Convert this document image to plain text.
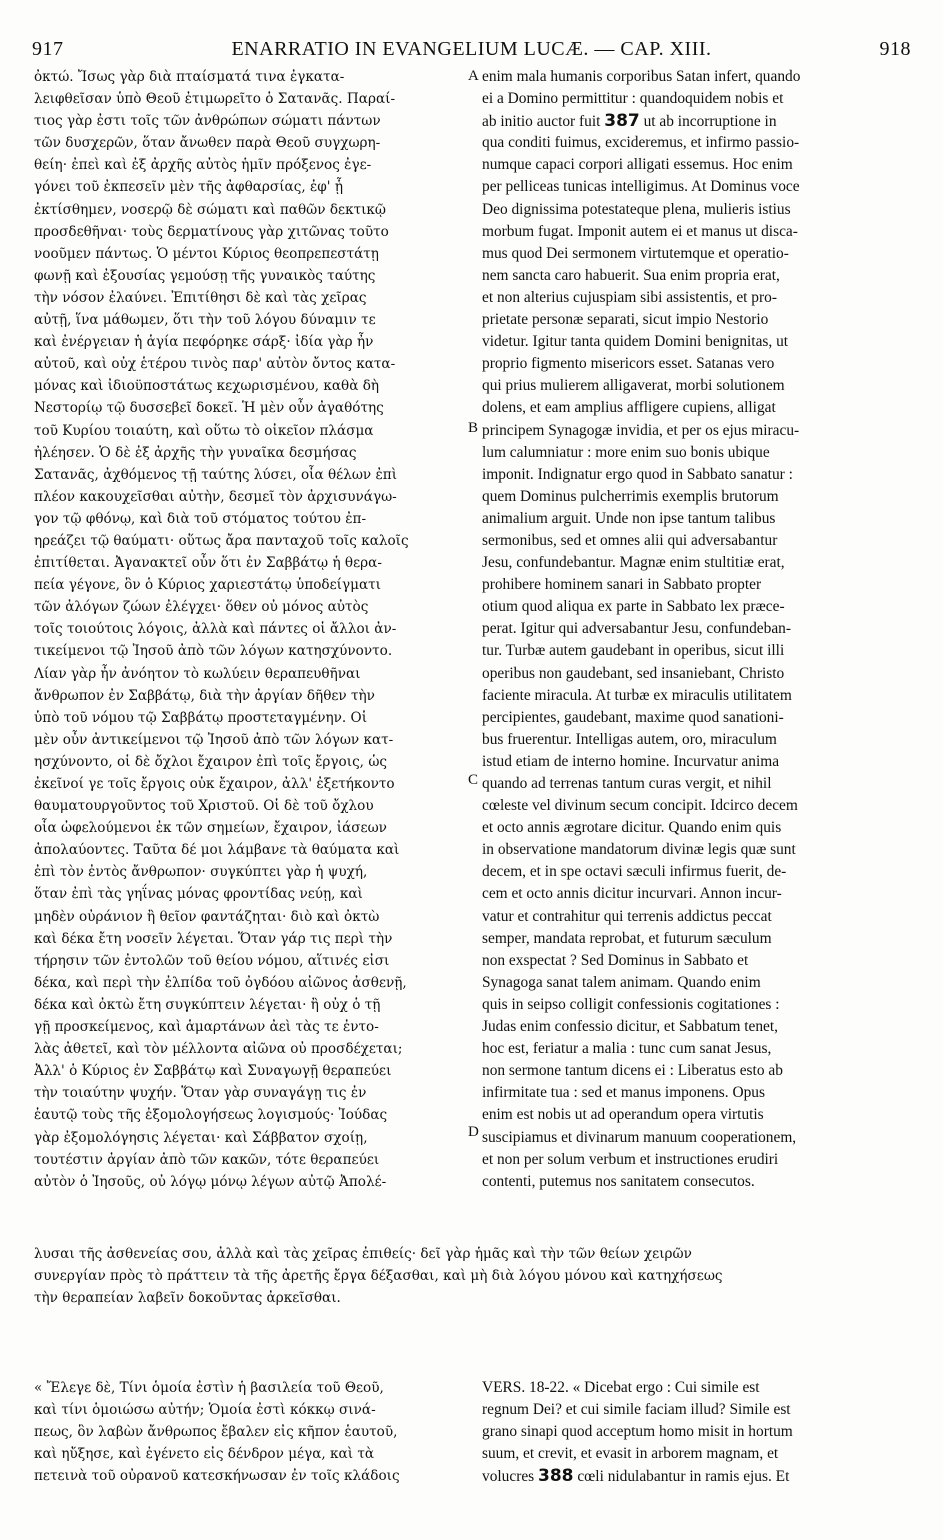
917	ENARRATIO IN EVANGELIUM LUCÆ. — CAP. XIII.	918
ὀκτώ. Ἴσως γὰρ διὰ πταίσματά τινα ἐγκατα-
λειφθεῖσαν ὑπὸ Θεοῦ ἐτιμωρεῖτο ὁ Σατανᾶς. Παραί-
τιος γὰρ ἐστι τοῖς τῶν ἀνθρώπων σώματι πάντων
τῶν δυσχερῶν, ὅταν ἄνωθεν παρὰ Θεοῦ συγχωρη-
θείη· ἐπεὶ καὶ ἐξ ἀρχῆς αὐτὸς ἡμῖν πρόξενος ἐγε-
γόνει τοῦ ἐκπεσεῖν μὲν τῆς ἀφθαρσίας, ἐφ' ᾗ
ἐκτίσθημεν, νοσερῷ δὲ σώματι καὶ παθῶν δεκτικῷ
προσδεθῆναι· τοὺς δερματίνους γὰρ χιτῶνας τοῦτο
νοοῦμεν πάντως. Ὁ μέντοι Κύριος θεοπρεπεστάτῃ
φωνῇ καὶ ἐξουσίας γεμούσῃ τῆς γυναικὸς ταύτης
τὴν νόσον ἐλαύνει. Ἐπιτίθησι δὲ καὶ τὰς χεῖρας
αὐτῇ, ἵνα μάθωμεν, ὅτι τὴν τοῦ λόγου δύναμιν τε
καὶ ἐνέργειαν ἡ ἁγία πεφόρηκε σάρξ· ἰδία γὰρ ἦν
αὐτοῦ, καὶ οὐχ ἑτέρου τινὸς παρ' αὐτὸν ὄντος κατα-
μόνας καὶ ἰδιοϋποστάτως κεχωρισμένου, καθὰ δὴ
Νεστορίῳ τῷ δυσσεβεῖ δοκεῖ. Ἡ μὲν οὖν ἀγαθότης
τοῦ Κυρίου τοιαύτη, καὶ οὕτω τὸ οἰκεῖον πλάσμα
ἠλέησεν. Ὁ δὲ ἐξ ἀρχῆς τὴν γυναῖκα δεσμήσας
Σατανᾶς, ἀχθόμενος τῇ ταύτης λύσει, οἷα θέλων ἐπὶ
πλέον κακουχεῖσθαι αὐτὴν, δεσμεῖ τὸν ἀρχισυνάγω-
γον τῷ φθόνῳ, καὶ διὰ τοῦ στόματος τούτου ἐπ-
ηρεάζει τῷ θαύματι· οὕτως ἄρα πανταχοῦ τοῖς καλοῖς
ἐπιτίθεται. Ἀγανακτεῖ οὖν ὅτι ἐν Σαββάτῳ ἡ θερα-
πεία γέγονε, ὃν ὁ Κύριος χαριεστάτῳ ὑποδείγματι
τῶν ἀλόγων ζώων ἐλέγχει· ὅθεν οὐ μόνος αὐτὸς
τοῖς τοιούτοις λόγοις, ἀλλὰ καὶ πάντες οἱ ἄλλοι ἀν-
τικείμενοι τῷ Ἰησοῦ ἀπὸ τῶν λόγων κατησχύνοντο.
Λίαν γὰρ ἦν ἀνόητον τὸ κωλύειν θεραπευθῆναι
ἄνθρωπον ἐν Σαββάτῳ, διὰ τὴν ἀργίαν δῆθεν τὴν
ὑπὸ τοῦ νόμου τῷ Σαββάτῳ προστεταγμένην. Οἱ
μὲν οὖν ἀντικείμενοι τῷ Ἰησοῦ ἀπὸ τῶν λόγων κατ-
ησχύνοντο, οἱ δὲ ὄχλοι ἔχαιρον ἐπὶ τοῖς ἔργοις, ὡς
ἐκεῖνοί γε τοῖς ἔργοις οὐκ ἔχαιρον, ἀλλ' ἐξετήκοντο
θαυματουργοῦντος τοῦ Χριστοῦ. Οἱ δὲ τοῦ ὄχλου
οἷα ὠφελούμενοι ἐκ τῶν σημείων, ἔχαιρον, ἰάσεων
ἀπολαύοντες. Ταῦτα δέ μοι λάμβανε τὰ θαύματα καὶ
ἐπὶ τὸν ἐντὸς ἄνθρωπον· συγκύπτει γὰρ ἡ ψυχή,
ὅταν ἐπὶ τὰς γηΐνας μόνας φροντίδας νεύῃ, καὶ
μηδὲν οὐράνιον ἢ θεῖον φαντάζηται· διὸ καὶ ὀκτὼ
καὶ δέκα ἔτη νοσεῖν λέγεται. Ὅταν γάρ τις περὶ τὴν
τήρησιν τῶν ἐντολῶν τοῦ θείου νόμου, αἵτινές εἰσι
δέκα, καὶ περὶ τὴν ἐλπίδα τοῦ ὀγδόου αἰῶνος ἀσθενῇ,
δέκα καὶ ὀκτὼ ἔτη συγκύπτειν λέγεται· ἢ οὐχ ὁ τῇ
γῇ προσκείμενος, καὶ ἁμαρτάνων ἀεὶ τὰς τε ἐντο-
λὰς ἀθετεῖ, καὶ τὸν μέλλοντα αἰῶνα οὐ προσδέχεται;
Ἀλλ' ὁ Κύριος ἐν Σαββάτῳ καὶ Συναγωγῇ θεραπεύει
τὴν τοιαύτην ψυχήν. Ὅταν γὰρ συναγάγῃ τις ἐν
ἑαυτῷ τοὺς τῆς ἐξομολογήσεως λογισμούς· Ἰούδας
γὰρ ἐξομολόγησις λέγεται· καὶ Σάββατον σχοίῃ,
τουτέστιν ἀργίαν ἀπὸ τῶν κακῶν, τότε θεραπεύει
αὐτὸν ὁ Ἰησοῦς, οὐ λόγῳ μόνῳ λέγων αὐτῷ Ἀπολέ-
enim mala humanis corporibus Satan infert, quando
ei a Domino permittitur : quandoquidem nobis et
ab initio auctor fuit 387 ut ab incorruptione in
qua conditi fuimus, excideremus, et infirmo passio-
numque capaci corpori alligati essemus. Hoc enim
per pelliceas tunicas intelligimus. At Dominus voce
Deo dignissima potestateque plena, mulieris istius
morbum fugat. Imponit autem ei et manus ut disca-
mus quod Dei sermonem virtutemque et operatio-
nem sancta caro habuerit. Sua enim propria erat,
et non alterius cujuspiam sibi assistentis, et pro-
prietate personæ separati, sicut impio Nestorio
videtur. Igitur tanta quidem Domini benignitas, ut
proprio figmento misericors esset. Satanas vero
qui prius mulierem alligaverat, morbi solutionem
dolens, et eam amplius affligere cupiens, alligat
principem Synagogæ invidia, et per os ejus miracu-
lum calumniatur : more enim suo bonis ubique
imponit. Indignatur ergo quod in Sabbato sanatur :
quem Dominus pulcherrimis exemplis brutorum
animalium arguit. Unde non ipse tantum talibus
sermonibus, sed et omnes alii qui adversabantur
Jesu, confundebantur. Magnæ enim stultitiæ erat,
prohibere hominem sanari in Sabbato propter
otium quod aliqua ex parte in Sabbato lex præce-
perat. Igitur qui adversabantur Jesu, confundeban-
tur. Turbæ autem gaudebant in operibus, sicut illi
operibus non gaudebant, sed insaniebant, Christo
faciente miracula. At turbæ ex miraculis utilitatem
percipientes, gaudebant, maxime quod sanationi-
bus fruerentur. Intelligas autem, oro, miraculum
istud etiam de interno homine. Incurvatur anima
quando ad terrenas tantum curas vergit, et nihil
cœleste vel divinum secum concipit. Idcirco decem
et octo annis ægrotare dicitur. Quando enim quis
in observatione mandatorum divinæ legis quæ sunt
decem, et in spe octavi sæculi infirmus fuerit, de-
cem et octo annis dicitur incurvari. Annon incur-
vatur et contrahitur qui terrenis addictus peccat
semper, mandata reprobat, et futurum sæculum
non exspectat ? Sed Dominus in Sabbato et
Synagoga sanat talem animam. Quando enim
quis in seipso colligit confessionis cogitationes :
Judas enim confessio dicitur, et Sabbatum tenet,
hoc est, feriatur a malia : tunc cum sanat Jesus,
non sermone tantum dicens ei : Liberatus esto ab
infirmitate tua : sed et manus imponens. Opus
enim est nobis ut ad operandum opera virtutis
suscipiamus et divinarum manuum cooperationem,
et non per solum verbum et instructiones erudiri
contenti, putemus nos sanitatem consecutos.
A
B
C
D
λυσαι τῆς ἀσθενείας σου, ἀλλὰ καὶ τὰς χεῖρας ἐπιθείς· δεῖ γὰρ ἡμᾶς καὶ τὴν τῶν θείων χειρῶν
συνεργίαν πρὸς τὸ πράττειν τὰ τῆς ἀρετῆς ἔργα δέξασθαι, καὶ μὴ διὰ λόγου μόνου καὶ κατηχήσεως
τὴν θεραπείαν λαβεῖν δοκοῦντας ἀρκεῖσθαι.
« Ἔλεγε δὲ, Τίνι ὁμοία ἐστὶν ἡ βασιλεία τοῦ Θεοῦ,
καὶ τίνι ὁμοιώσω αὐτήν; Ὁμοία ἐστὶ κόκκῳ σινά-
πεως, ὃν λαβὼν ἄνθρωπος ἔβαλεν εἰς κῆπον ἑαυτοῦ,
καὶ ηὔξησε, καὶ ἐγένετο εἰς δένδρον μέγα, καὶ τὰ
πετεινὰ τοῦ οὐρανοῦ κατεσκήνωσαν ἐν τοῖς κλάδοις
VERS. 18-22. « Dicebat ergo : Cui simile est
regnum Dei? et cui simile faciam illud? Simile est
grano sinapi quod acceptum homo misit in hortum
suum, et crevit, et evasit in arborem magnam, et
volucres 388 cœli nidulabantur in ramis ejus. Et
